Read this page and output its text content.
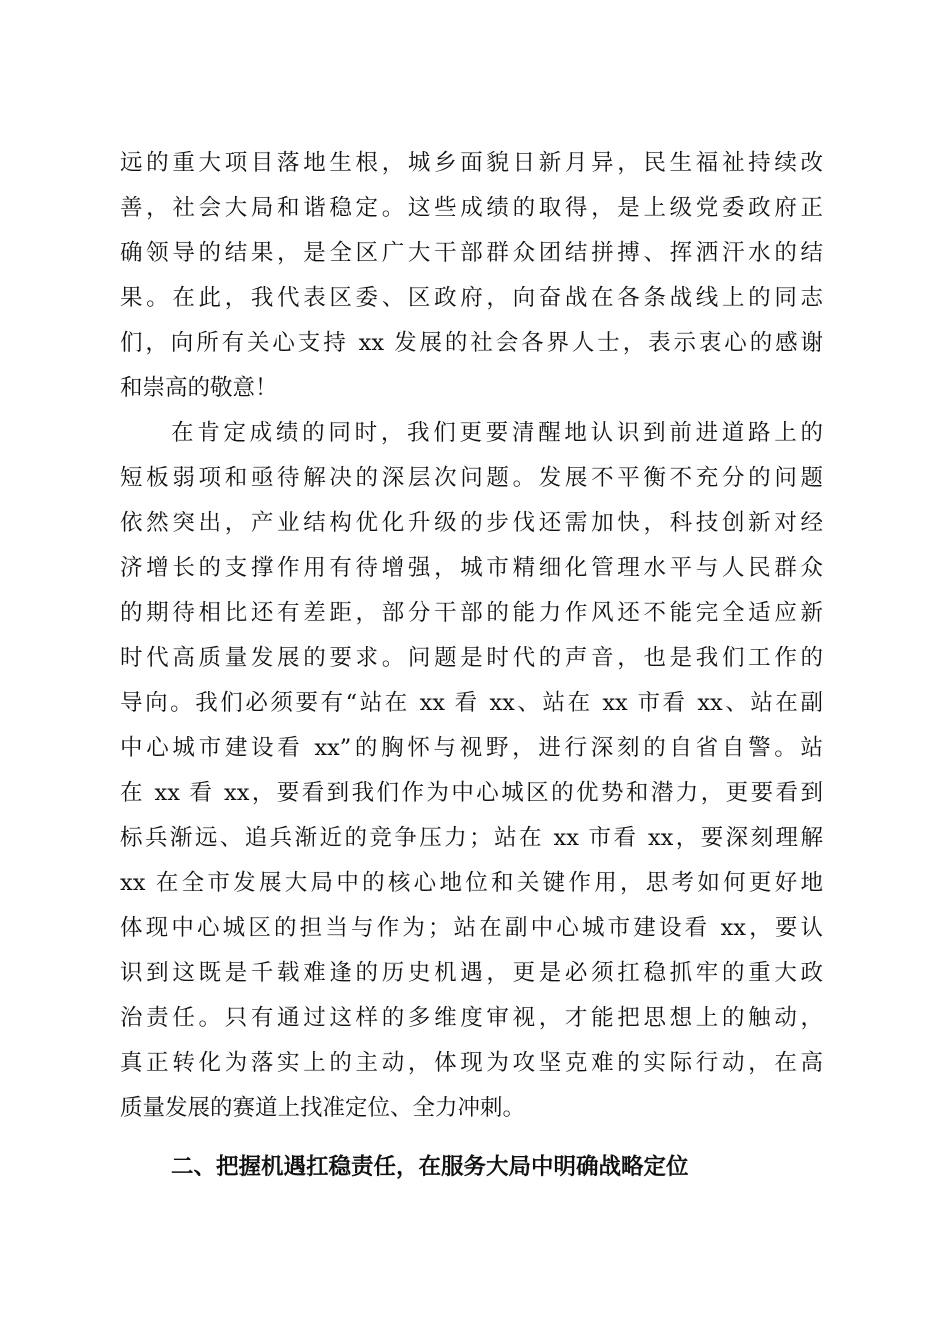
远的重大项目落地生根，城乡面貌日新月异，民生福祉持续改
善，社会大局和谐稳定。这些成绩的取得，是上级党委政府正
确领导的结果，是全区广大干部群众团结拼搏、挥洒汗水的结
果。在此，我代表区委、区政府，向奋战在各条战线上的同志
们，向所有关心支持 xx 发展的社会各界人士，表示衷心的感谢
和崇高的敬意！
在肯定成绩的同时，我们更要清醒地认识到前进道路上的
短板弱项和亟待解决的深层次问题。发展不平衡不充分的问题
依然突出，产业结构优化升级的步伐还需加快，科技创新对经
济增长的支撑作用有待增强，城市精细化管理水平与人民群众
的期待相比还有差距，部分干部的能力作风还不能完全适应新
时代高质量发展的要求。问题是时代的声音，也是我们工作的
导向。我们必须要有“站在 xx 看 xx、站在 xx 市看 xx、站在副
中心城市建设看 xx”的胸怀与视野，进行深刻的自省自警。站
在 xx 看 xx，要看到我们作为中心城区的优势和潜力，更要看到
标兵渐远、追兵渐近的竞争压力；站在 xx 市看 xx，要深刻理解
xx 在全市发展大局中的核心地位和关键作用，思考如何更好地
体现中心城区的担当与作为；站在副中心城市建设看 xx，要认
识到这既是千载难逢的历史机遇，更是必须扛稳抓牢的重大政
治责任。只有通过这样的多维度审视，才能把思想上的触动，
真正转化为落实上的主动，体现为攻坚克难的实际行动，在高
质量发展的赛道上找准定位、全力冲刺。
二、把握机遇扛稳责任，在服务大局中明确战略定位
